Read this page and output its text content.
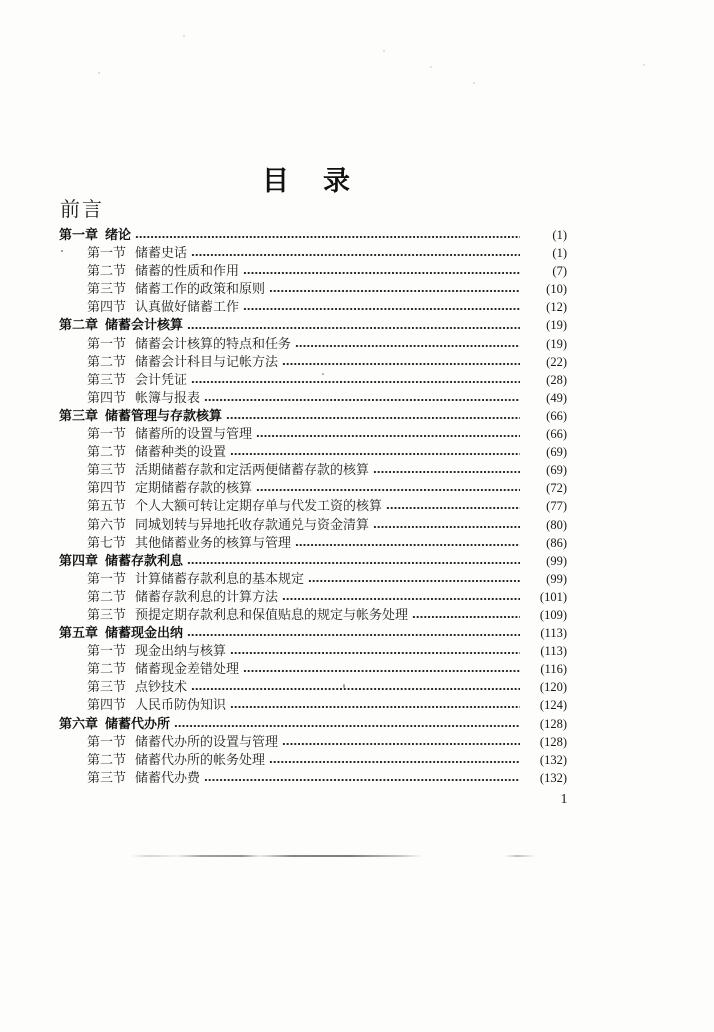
目 录
前言
第一章 绪论	(1)
第一节 储蓄史话	(1)
第二节 储蓄的性质和作用	(7)
第三节 储蓄工作的政策和原则	(10)
第四节 认真做好储蓄工作	(12)
第二章 储蓄会计核算	(19)
第一节 储蓄会计核算的特点和任务	(19)
第二节 储蓄会计科目与记帐方法	(22)
第三节 会计凭证	(28)
第四节 帐簿与报表	(49)
第三章 储蓄管理与存款核算	(66)
第一节 储蓄所的设置与管理	(66)
第二节 储蓄种类的设置	(69)
第三节 活期储蓄存款和定活两便储蓄存款的核算	(69)
第四节 定期储蓄存款的核算	(72)
第五节 个人大额可转让定期存单与代发工资的核算	(77)
第六节 同城划转与异地托收存款通兑与资金清算	(80)
第七节 其他储蓄业务的核算与管理	(86)
第四章 储蓄存款利息	(99)
第一节 计算储蓄存款利息的基本规定	(99)
第二节 储蓄存款利息的计算方法	(101)
第三节 预提定期存款利息和保值贴息的规定与帐务处理	(109)
第五章 储蓄现金出纳	(113)
第一节 现金出纳与核算	(113)
第二节 储蓄现金差错处理	(116)
第三节 点钞技术	(120)
第四节 人民币防伪知识	(124)
第六章 储蓄代办所	(128)
第一节 储蓄代办所的设置与管理	(128)
第二节 储蓄代办所的帐务处理	(132)
第三节 储蓄代办费	(132)
1
